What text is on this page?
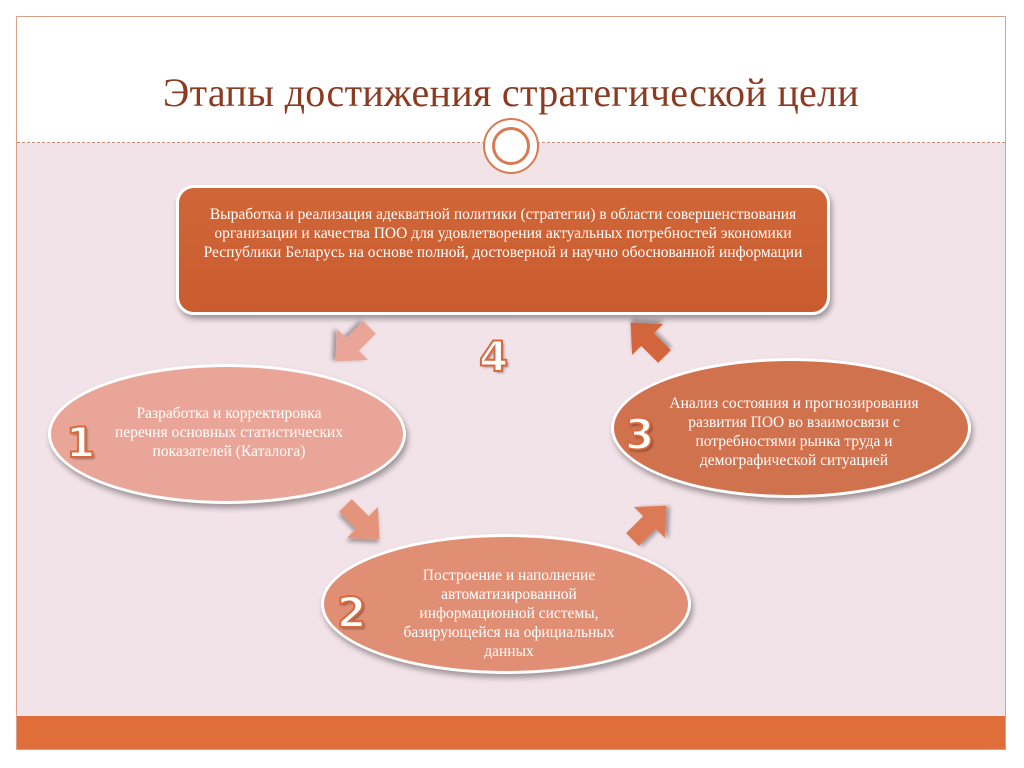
Этапы достижения стратегической цели
Выработка и реализация адекватной политики (стратегии) в области совершенствования организации и качества ПОО для удовлетворения актуальных потребностей экономики Республики Беларусь на основе полной, достоверной и научно обоснованной информации
Разработка и корректировка перечня основных статистических показателей (Каталога)
Построение и наполнение автоматизированной информационной системы, базирующейся на официальных данных
Анализ состояния и прогнозирования развития ПОО во взаимосвязи с потребностями рынка труда и демографической ситуацией
1
2
3
4
